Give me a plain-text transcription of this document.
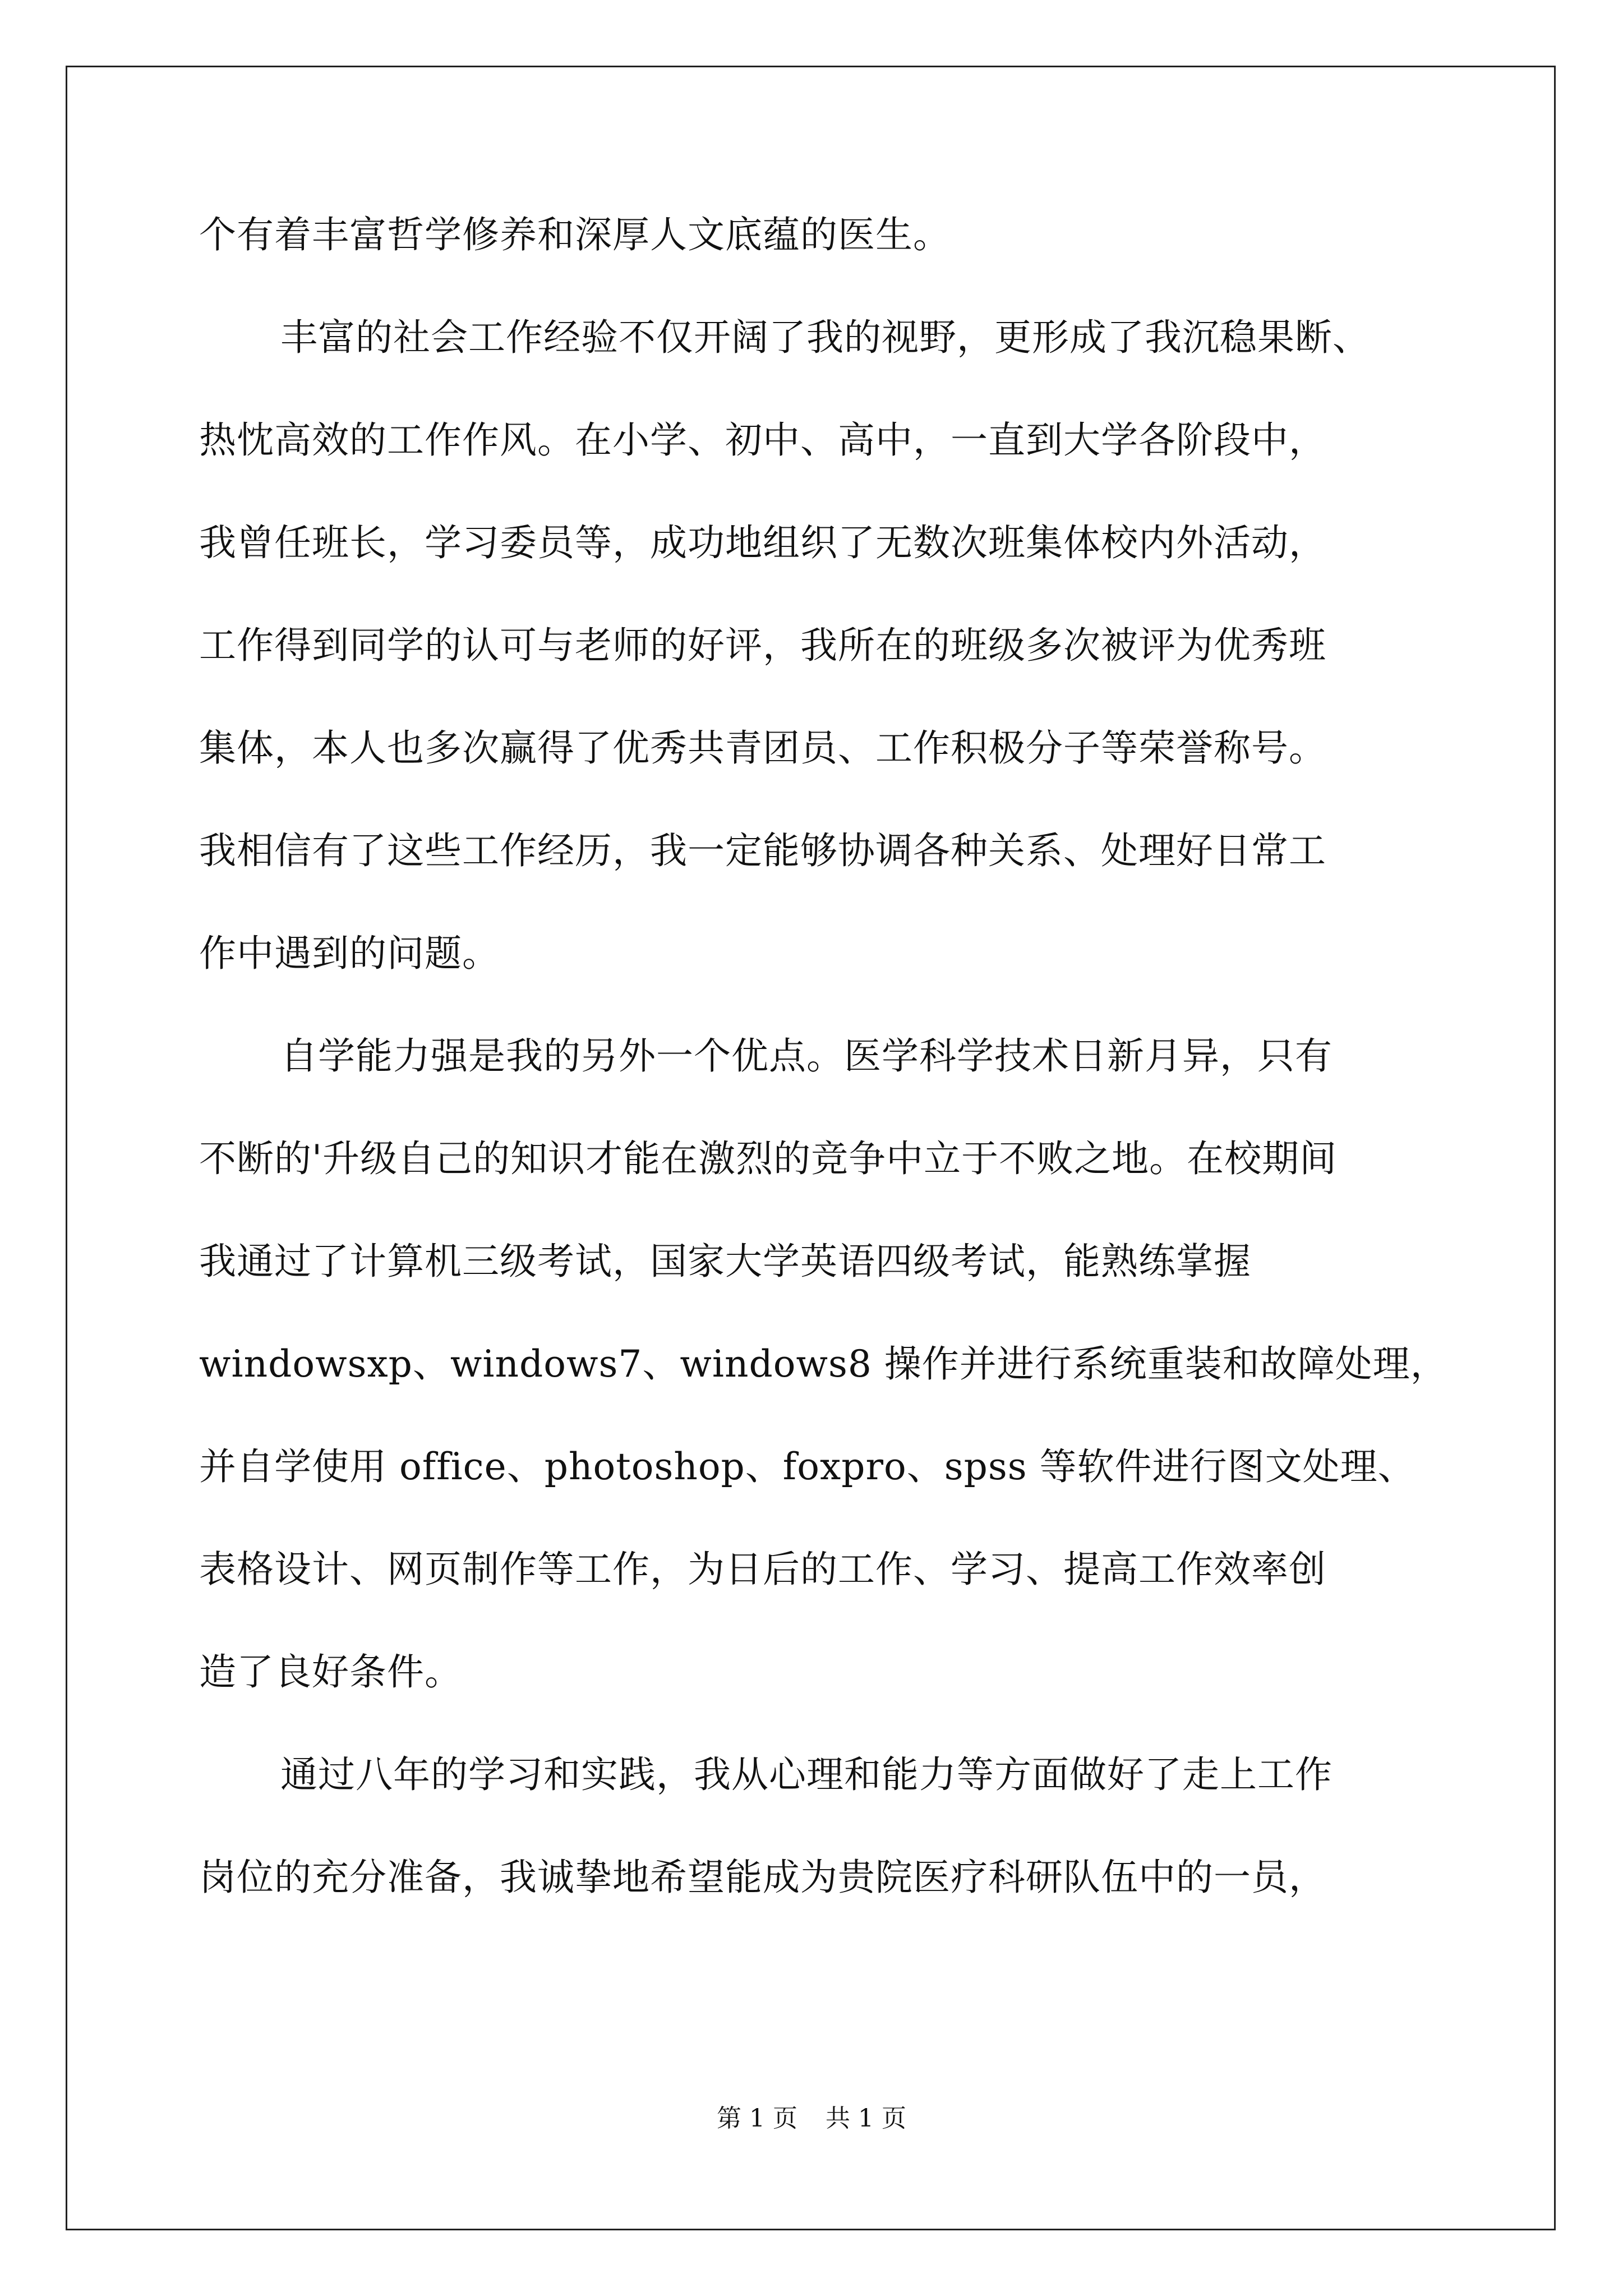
个有着丰富哲学修养和深厚人文底蕴的医生。
丰富的社会工作经验不仅开阔了我的视野，更形成了我沉稳果断、
热忱高效的工作作风。在小学、初中、高中，一直到大学各阶段中，
我曾任班长，学习委员等，成功地组织了无数次班集体校内外活动，
工作得到同学的认可与老师的好评，我所在的班级多次被评为优秀班
集体，本人也多次赢得了优秀共青团员、工作积极分子等荣誉称号。
我相信有了这些工作经历，我一定能够协调各种关系、处理好日常工
作中遇到的问题。
自学能力强是我的另外一个优点。医学科学技术日新月异，只有
不断的'升级自己的知识才能在激烈的竞争中立于不败之地。在校期间
我通过了计算机三级考试，国家大学英语四级考试，能熟练掌握
windowsxp、windows7、windows8 操作并进行系统重装和故障处理，
并自学使用 office、photoshop、foxpro、spss 等软件进行图文处理、
表格设计、网页制作等工作，为日后的工作、学习、提高工作效率创
造了良好条件。
通过八年的学习和实践，我从心理和能力等方面做好了走上工作
岗位的充分准备，我诚挚地希望能成为贵院医疗科研队伍中的一员，
第 1 页 共 1 页
